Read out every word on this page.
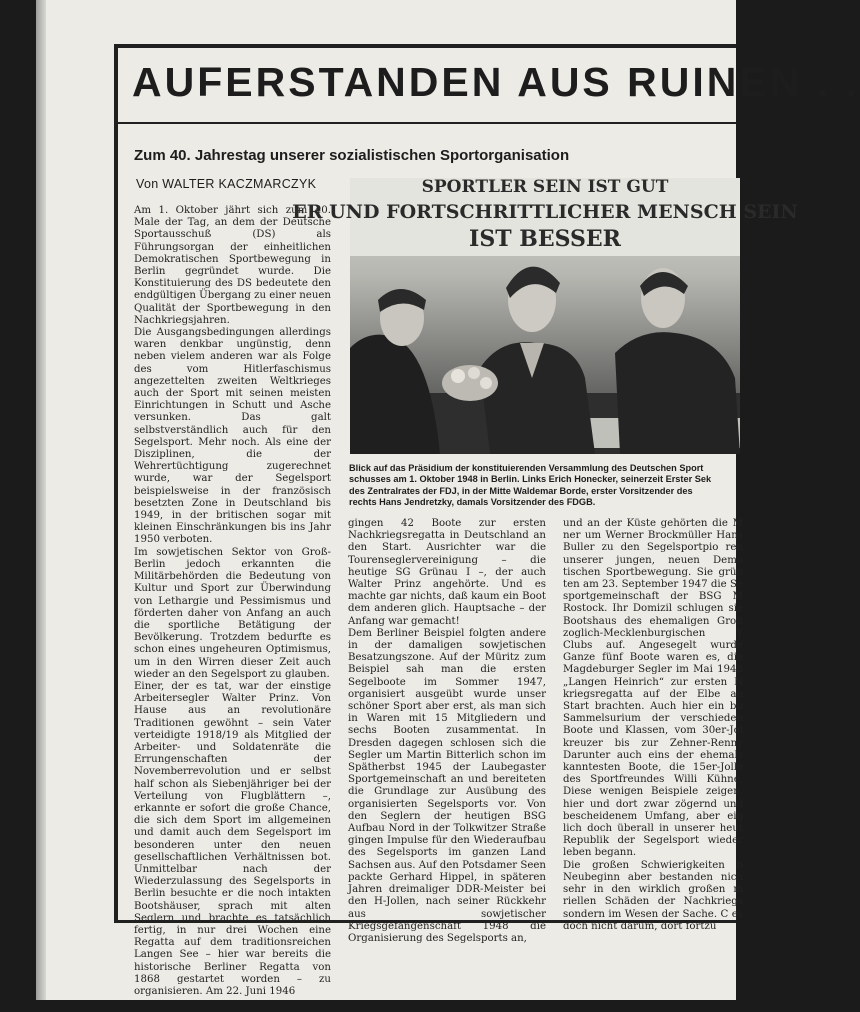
AUFERSTANDEN AUS RUINEN . .
Zum 40. Jahrestag unserer sozialistischen Sportorganisation
Von WALTER KACZMARCZYK

Am 1. Oktober jährt sich zum 40. Male der Tag, an dem der Deutsche Sportausschuß (DS) als Führungsorgan der einheitlichen Demokratischen Sportbewegung in Berlin gegründet wurde. Die Konstituierung des DS bedeutete den endgültigen Übergang zu einer neuen Qualität der Sportbewegung in den Nachkriegsjahren.

Die Ausgangsbedingungen allerdings waren denkbar ungünstig, denn neben vielem anderen war als Folge des vom Hitlerfaschismus angezettelten zweiten Weltkrieges auch der Sport mit seinen meisten Einrichtungen in Schutt und Asche versunken. Das galt selbstverständlich auch für den Segelsport. Mehr noch. Als eine der Disziplinen, die der Wehrertüchtigung zugerechnet wurde, war der Segelsport beispielsweise in der französisch besetzten Zone in Deutschland bis 1949, in der britischen sogar mit kleinen Einschränkungen bis ins Jahr 1950 verboten.

Im sowjetischen Sektor von Groß-Berlin jedoch erkannten die Militärbehörden die Bedeutung von Kultur und Sport zur Überwindung von Lethargie und Pessimismus und förderten daher von Anfang an auch die sportliche Betätigung der Bevölkerung. Trotzdem bedurfte es schon eines ungeheuren Optimismus, um in den Wirren dieser Zeit auch wieder an den Segelsport zu glauben.

Einer, der es tat, war der einstige Arbeitersegler Walter Prinz. Von Hause aus an revolutionäre Traditionen gewöhnt – sein Vater verteidigte 1918/19 als Mitglied der Arbeiter- und Soldatenräte die Errungenschaften der Novemberrevolution und er selbst half schon als Siebenjähriger bei der Verteilung von Flugblättern –, erkannte er sofort die große Chance, die sich dem Sport im allgemeinen und damit auch dem Segelsport im besonderen unter den neuen gesellschaftlichen Verhältnissen bot. Unmittelbar nach der Wiederzulassung des Segelsports in Berlin besuchte er die noch intakten Bootshäuser, sprach mit alten Seglern und brachte es tatsächlich fertig, in nur drei Wochen eine Regatta auf dem traditionsreichen Langen See – hier war bereits die historische Berliner Regatta von 1868 gestartet worden – zu organisieren. Am 22. Juni 1946

SPORTLER SEIN IST GUT
ER UND FORTSCHRITTLICHER MENSCH SEIN
IST BESSER
Blick auf das Präsidium der konstituierenden Versammlung des Deutschen Sport
schusses am 1. Oktober 1948 in Berlin. Links Erich Honecker, seinerzeit Erster Sek
des Zentralrates der FDJ, in der Mitte Waldemar Borde, erster Vorsitzender des
rechts Hans Jendretzky, damals Vorsitzender des FDGB.

gingen 42 Boote zur ersten Nachkriegsregatta in Deutschland an den Start. Ausrichter war die Tourenseglervereinigung – die heutige SG Grünau I –, der auch Walter Prinz angehörte. Und es machte gar nichts, daß kaum ein Boot dem anderen glich. Hauptsache – der Anfang war gemacht!

Dem Berliner Beispiel folgten andere in der damaligen sowjetischen Besatzungszone. Auf der Müritz zum Beispiel sah man die ersten Segelboote im Sommer 1947, organisiert ausgeübt wurde unser schöner Sport aber erst, als man sich in Waren mit 15 Mitgliedern und sechs Booten zusammentat. In Dresden dagegen schlosen sich die Segler um Martin Bitterlich schon im Spätherbst 1945 der Laubegaster Sportgemeinschaft an und bereiteten die Grundlage zur Ausübung des organisierten Segelsports vor. Von den Seglern der heutigen BSG Aufbau Nord in der Tolkwitzer Straße gingen Impulse für den Wiederaufbau des Segelsports im ganzen Land Sachsen aus. Auf den Potsdamer Seen packte Gerhard Hippel, in späteren Jahren dreimaliger DDR-Meister bei den H-Jollen, nach seiner Rückkehr aus sowjetischer Kriegsgefangenschaft 1948 die Organisierung des Segelsports an,

und an der Küste gehörten die M ner um Werner Brockmüller Hans Buller zu den Segelsportpio ren unserer jungen, neuen Demo tischen Sportbewegung. Sie grün ten am 23. September 1947 die Se sportgemeinschaft der BSG M Rostock. Ihr Domizil schlugen sie Bootshaus des ehemaligen Groß zoglich-Mecklenburgischen Y Clubs auf. Angesegelt wurde Ganze fünf Boote waren es, die Magdeburger Segler im Mai 1948 „Langen Heinrich“ zur ersten N kriegsregatta auf der Elbe an Start brachten. Auch hier ein bu Sammelsurium der verschieden Boote und Klassen, vom 30er-Jol kreuzer bis zur Zehner-Renny Darunter auch eins der ehemals kanntesten Boote, die 15er-Jolle des Sportfreundes Willi Kühne, Diese wenigen Beispiele zeigen, hier und dort zwar zögernd und bescheidenem Umfang, aber eig lich doch überall in unserer heut Republik der Segelsport wieder leben begann.

Die großen Schwierigkeiten b Neubeginn aber bestanden nich sehr in den wirklich großen m riellen Schäden der Nachkriegs sondern im Wesen der Sache. C es doch nicht darum, dort fortzu
